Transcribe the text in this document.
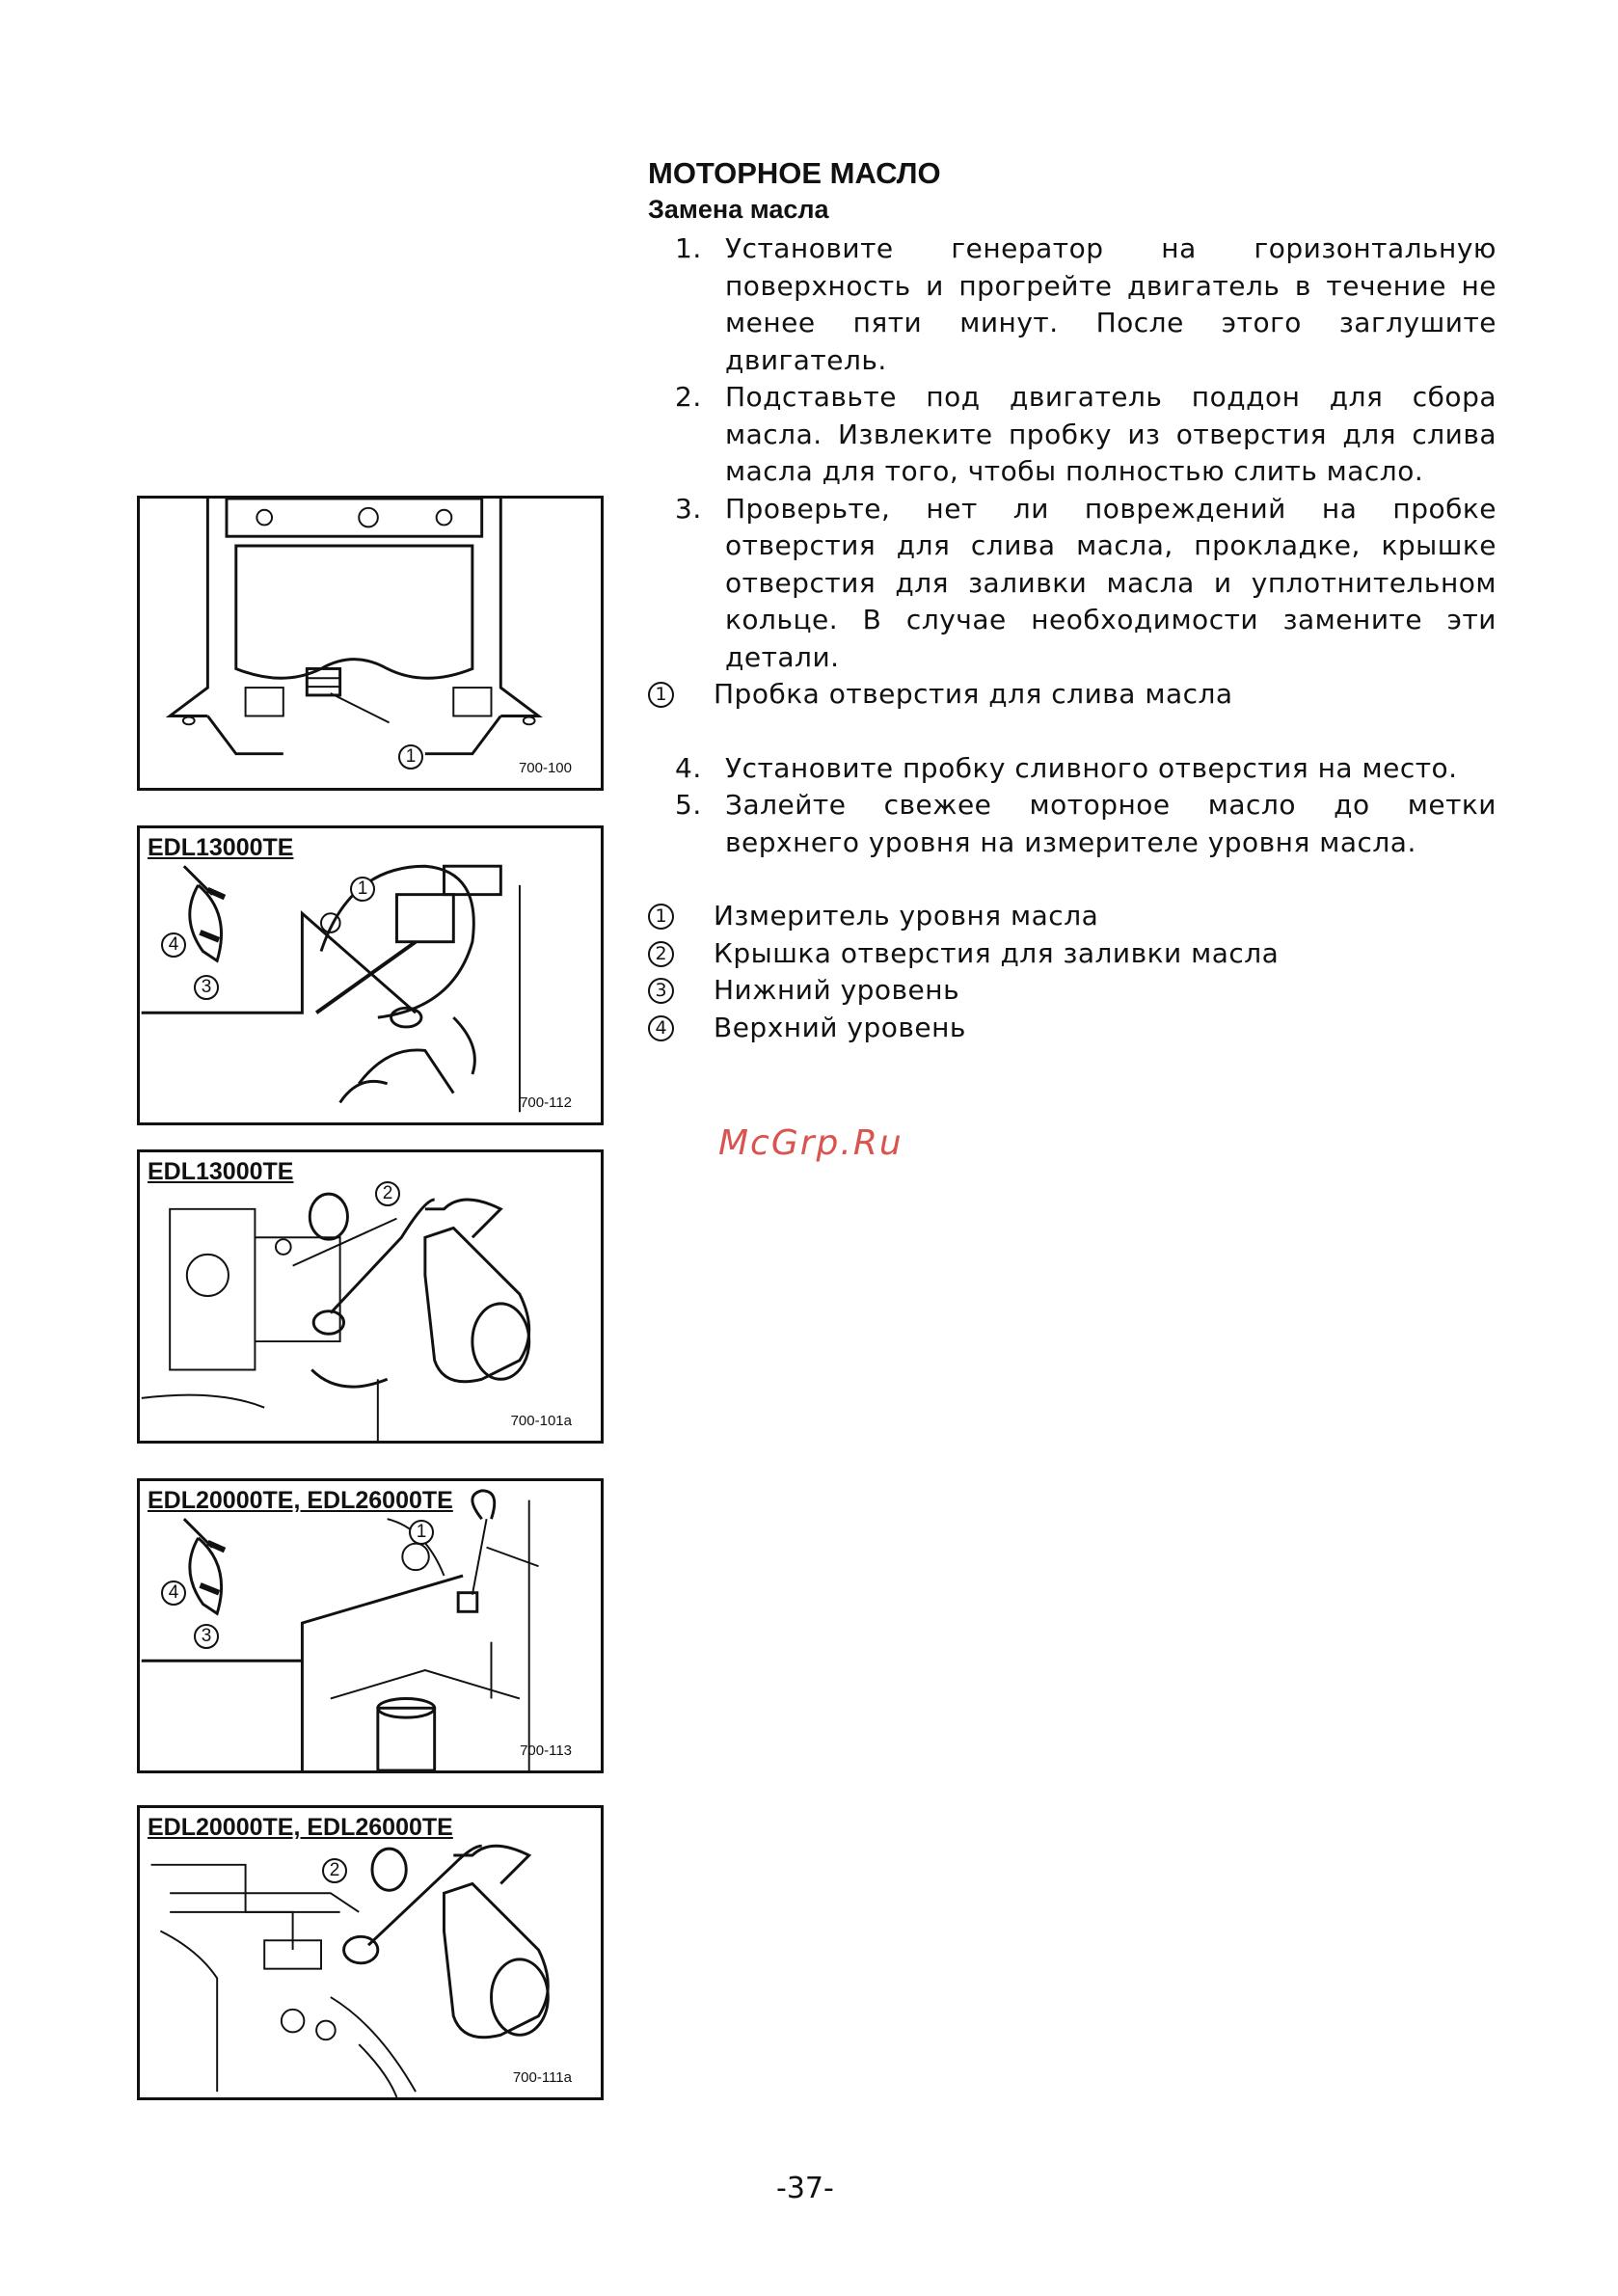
1
700-100
EDL13000TE
1
4
3
700-112
EDL13000TE
2
700-101a
EDL20000TE, EDL26000TE
1
4
3
700-113
EDL20000TE, EDL26000TE
2
700-111a
МОТОРНОЕ МАСЛО
Замена масла
1. Установите генератор на горизонтальную поверхность и прогрейте двигатель в течение не менее пяти минут. После этого заглушите двигатель.
2. Подставьте под двигатель поддон для сбора масла. Извлеките пробку из отверстия для слива масла для того, чтобы полностью слить масло.
3. Проверьте, нет ли повреждений на пробке отверстия для слива масла, прокладке, крышке отверстия для заливки масла и уплотнительном кольце. В случае необходимости замените эти детали.
1 Пробка отверстия для слива масла
4. Установите пробку сливного отверстия на место.
5. Залейте свежее моторное масло до метки верхнего уровня на измерителе уровня масла.
1 Измеритель уровня масла
2 Крышка отверстия для заливки масла
3 Нижний уровень
4 Верхний уровень
McGrp.Ru
-37-
